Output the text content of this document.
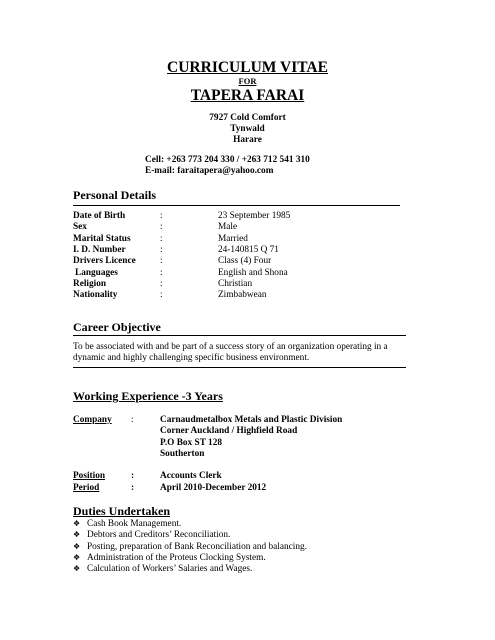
CURRICULUM VITAE
FOR
TAPERA FARAI
7927 Cold Comfort
Tynwald
Harare
Cell: +263 773 204 330 / +263 712 541 310
E-mail: faraitapera@yahoo.com
Personal Details
Date of Birth	:	23 September 1985
Sex	:	Male
Marital Status	:	Married
I. D. Number	:	24-140815 Q 71
Drivers Licence	:	Class (4) Four
Languages	:	English and Shona
Religion	:	Christian
Nationality	:	Zimbabwean
Career Objective
To be associated with and be part of a success story of an organization operating in a
dynamic and highly challenging specific business environment.
Working Experience -3 Years
Company :	Carnaudmetalbox Metals and Plastic Division
Corner Auckland / Highfield Road
P.O Box ST 128
Southerton
Position	:	Accounts Clerk
Period	:	April 2010-December 2012
Duties Undertaken
❖ Cash Book Management.
❖ Debtors and Creditors’ Reconciliation.
❖ Posting, preparation of Bank Reconciliation and balancing.
❖ Administration of the Proteus Clocking System.
❖ Calculation of Workers’ Salaries and Wages.
